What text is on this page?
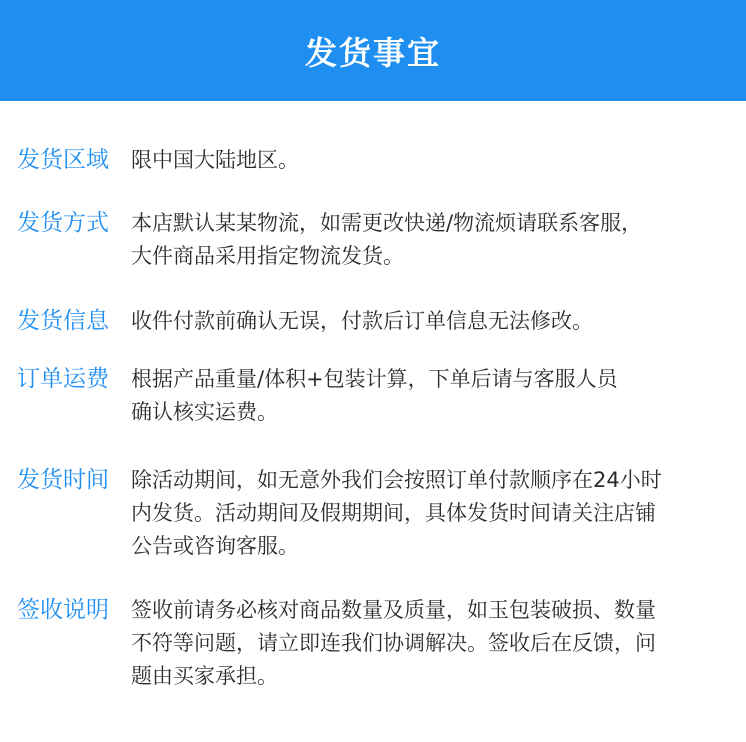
发货事宜
发货区域	限中国大陆地区。
发货方式	本店默认某某物流，如需更改快递/物流烦请联系客服，
大件商品采用指定物流发货。
发货信息	收件付款前确认无误，付款后订单信息无法修改。
订单运费	根据产品重量/体积+包装计算，下单后请与客服人员
确认核实运费。
发货时间	除活动期间，如无意外我们会按照订单付款顺序在24小时
内发货。活动期间及假期期间，具体发货时间请关注店铺
公告或咨询客服。
签收说明	签收前请务必核对商品数量及质量，如玉包装破损、数量
不符等问题，请立即连我们协调解决。签收后在反馈，问
题由买家承担。
